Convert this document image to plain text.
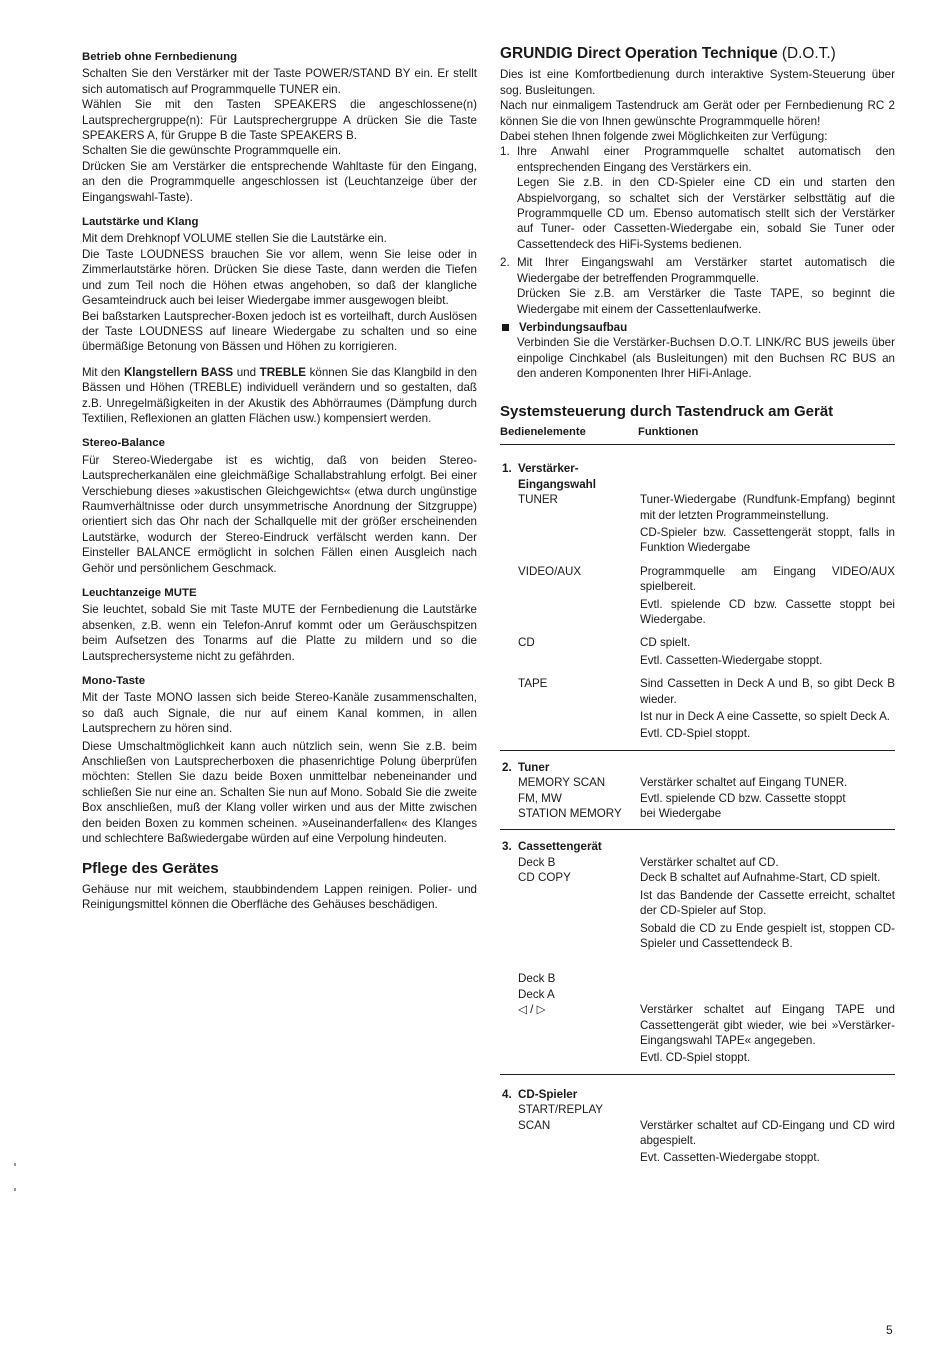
Betrieb ohne Fernbedienung

Schalten Sie den Verstärker mit der Taste POWER/STAND BY ein. Er stellt sich automatisch auf Programmquelle TUNER ein.

Wählen Sie mit den Tasten SPEAKERS die angeschlossene(n) Lautsprechergruppe(n): Für Lautsprechergruppe A drücken Sie die Taste SPEAKERS A, für Gruppe B die Taste SPEAKERS B.

Schalten Sie die gewünschte Programmquelle ein.

Drücken Sie am Verstärker die entsprechende Wahltaste für den Eingang, an den die Programmquelle angeschlossen ist (Leuchtanzeige über der Eingangswahl-Taste).

Lautstärke und Klang

Mit dem Drehknopf VOLUME stellen Sie die Lautstärke ein.

Die Taste LOUDNESS brauchen Sie vor allem, wenn Sie leise oder in Zimmerlautstärke hören. Drücken Sie diese Taste, dann werden die Tiefen und zum Teil noch die Höhen etwas angehoben, so daß der klangliche Gesamteindruck auch bei leiser Wiedergabe immer ausgewogen bleibt.

Bei baßstarken Lautsprecher-Boxen jedoch ist es vorteilhaft, durch Auslösen der Taste LOUDNESS auf lineare Wiedergabe zu schalten und so eine übermäßige Betonung von Bässen und Höhen zu korrigieren.

Mit den Klangstellern BASS und TREBLE können Sie das Klangbild in den Bässen und Höhen (TREBLE) individuell verändern und so gestalten, daß z.B. Unregelmäßigkeiten in der Akustik des Abhörraumes (Dämpfung durch Textilien, Reflexionen an glatten Flächen usw.) kompensiert werden.

Stereo-Balance

Für Stereo-Wiedergabe ist es wichtig, daß von beiden Stereo-Lautsprecherkanälen eine gleichmäßige Schallabstrahlung erfolgt. Bei einer Verschiebung dieses »akustischen Gleichgewichts« (etwa durch ungünstige Raumverhältnisse oder durch unsymmetrische Anordnung der Sitzgruppe) orientiert sich das Ohr nach der Schallquelle mit der größer erscheinenden Lautstärke, wodurch der Stereo-Eindruck verfälscht werden kann. Der Einsteller BALANCE ermöglicht in solchen Fällen einen Ausgleich nach Gehör und persönlichem Geschmack.

Leuchtanzeige MUTE

Sie leuchtet, sobald Sie mit Taste MUTE der Fernbedienung die Lautstärke absenken, z.B. wenn ein Telefon-Anruf kommt oder um Geräuschspitzen beim Aufsetzen des Tonarms auf die Platte zu mildern und so die Lautsprechersysteme nicht zu gefährden.

Mono-Taste

Mit der Taste MONO lassen sich beide Stereo-Kanäle zusammenschalten, so daß auch Signale, die nur auf einem Kanal kommen, in allen Lautsprechern zu hören sind.

Diese Umschaltmöglichkeit kann auch nützlich sein, wenn Sie z.B. beim Anschließen von Lautsprecherboxen die phasenrichtige Polung überprüfen möchten: Stellen Sie dazu beide Boxen unmittelbar nebeneinander und schließen Sie nur eine an. Schalten Sie nun auf Mono. Sobald Sie die zweite Box anschließen, muß der Klang voller wirken und aus der Mitte zwischen den beiden Boxen zu kommen scheinen. »Auseinanderfallen« des Klanges und schlechtere Baßwiedergabe würden auf eine Verpolung hindeuten.

Pflege des Gerätes

Gehäuse nur mit weichem, staubbindendem Lappen reinigen. Polier- und Reinigungsmittel können die Oberfläche des Gehäuses beschädigen.

GRUNDIG Direct Operation Technique (D.O.T.)

Dies ist eine Komfortbedienung durch interaktive System-Steuerung über sog. Busleitungen.

Nach nur einmaligem Tastendruck am Gerät oder per Fernbedienung RC 2 können Sie die von Ihnen gewünschte Programmquelle hören!

Dabei stehen Ihnen folgende zwei Möglichkeiten zur Verfügung:

1. Ihre Anwahl einer Programmquelle schaltet automatisch den entsprechenden Eingang des Verstärkers ein.

Legen Sie z.B. in den CD-Spieler eine CD ein und starten den Abspielvorgang, so schaltet sich der Verstärker selbsttätig auf die Programmquelle CD um. Ebenso automatisch stellt sich der Verstärker auf Tuner- oder Cassetten-Wiedergabe ein, sobald Sie Tuner oder Cassettendeck des HiFi-Systems bedienen.

2. Mit Ihrer Eingangswahl am Verstärker startet automatisch die Wiedergabe der betreffenden Programmquelle.

Drücken Sie z.B. am Verstärker die Taste TAPE, so beginnt die Wiedergabe mit einem der Cassettenlaufwerke.

Verbindungsaufbau

Verbinden Sie die Verstärker-Buchsen D.O.T. LINK/RC BUS jeweils über einpolige Cinchkabel (als Busleitungen) mit den Buchsen RC BUS an den anderen Komponenten Ihrer HiFi-Anlage.

Systemsteuerung durch Tastendruck am Gerät
Bedienelemente	Funktionen
1. Verstärker-
Eingangswahl
TUNER	Tuner-Wiedergabe (Rundfunk-Empfang) beginnt mit der letzten Programmeinstellung.

CD-Spieler bzw. Cassettengerät stoppt, falls in Funktion Wiedergabe

VIDEO/AUX	Programmquelle am Eingang VIDEO/AUX spielbereit.

Evtl. spielende CD bzw. Cassette stoppt bei Wiedergabe.

CD	CD spielt.

Evtl. Cassetten-Wiedergabe stoppt.

TAPE	Sind Cassetten in Deck A und B, so gibt Deck B wieder.

Ist nur in Deck A eine Cassette, so spielt Deck A.

Evtl. CD-Spiel stoppt.

2. Tuner
MEMORY SCAN	Verstärker schaltet auf Eingang TUNER.
FM, MW	Evtl. spielende CD bzw. Cassette stoppt
STATION MEMORY	bei Wiedergabe
3. Cassettengerät
Deck B	Verstärker schaltet auf CD.
CD COPY	Deck B schaltet auf Aufnahme-Start, CD spielt.

Ist das Bandende der Cassette erreicht, schaltet der CD-Spieler auf Stop.

Sobald die CD zu Ende gespielt ist, stoppen CD-Spieler und Cassettendeck B.

Deck B
Deck A
◁ / ▷	Verstärker schaltet auf Eingang TAPE und Cassettengerät gibt wieder, wie bei »Verstärker-Eingangswahl TAPE« angegeben.

Evtl. CD-Spiel stoppt.

4. CD-Spieler
START/REPLAY
SCAN	Verstärker schaltet auf CD-Eingang und CD wird abgespielt.

Evt. Cassetten-Wiedergabe stoppt.

5
